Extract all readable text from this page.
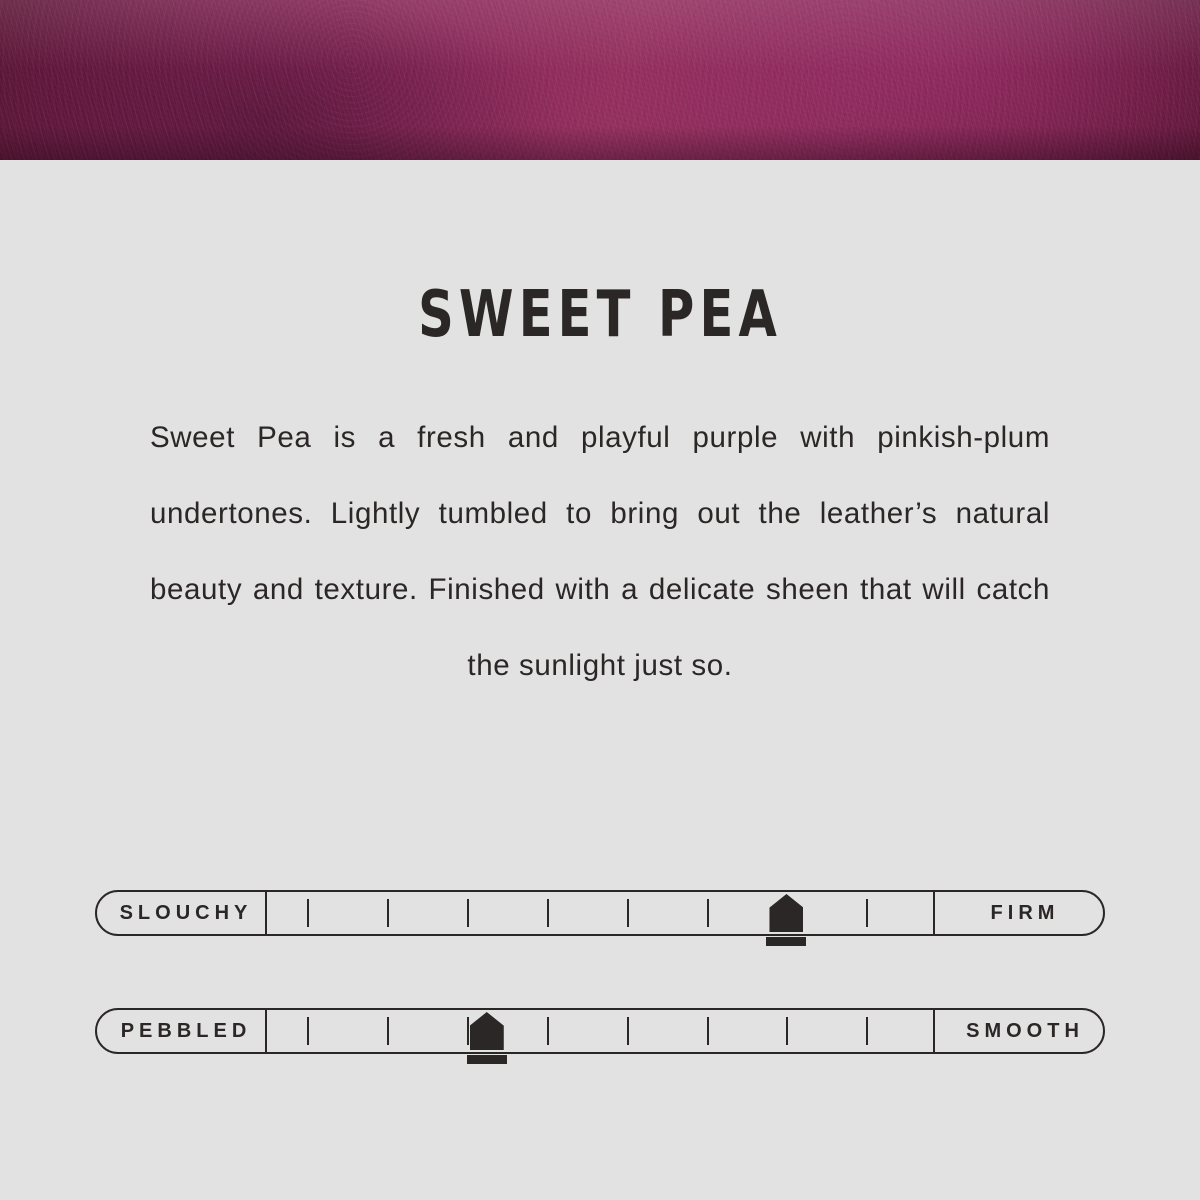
SWEET PEA

Sweet Pea is a fresh and playful purple with pinkish-plum undertones. Lightly tumbled to bring out the leather’s natural beauty and texture. Finished with a delicate sheen that will catch the sunlight just so.

SLOUCHY	FIRM
PEBBLED	SMOOTH
